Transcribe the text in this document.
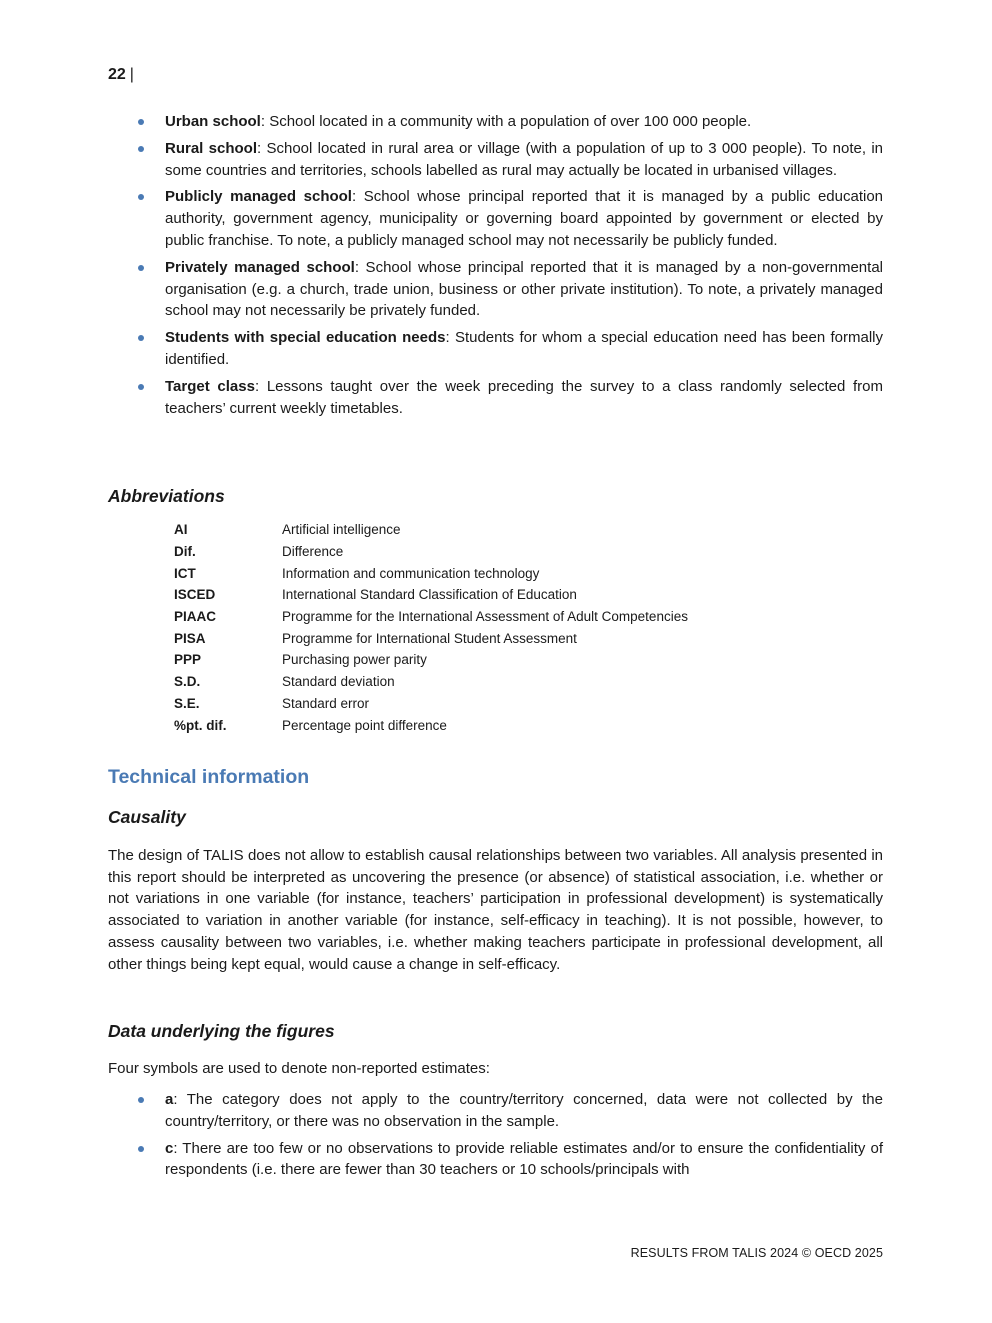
22 |
Urban school: School located in a community with a population of over 100 000 people.
Rural school: School located in rural area or village (with a population of up to 3 000 people). To note, in some countries and territories, schools labelled as rural may actually be located in urbanised villages.
Publicly managed school: School whose principal reported that it is managed by a public education authority, government agency, municipality or governing board appointed by government or elected by public franchise. To note, a publicly managed school may not necessarily be publicly funded.
Privately managed school: School whose principal reported that it is managed by a non-governmental organisation (e.g. a church, trade union, business or other private institution). To note, a privately managed school may not necessarily be privately funded.
Students with special education needs: Students for whom a special education need has been formally identified.
Target class: Lessons taught over the week preceding the survey to a class randomly selected from teachers’ current weekly timetables.
Abbreviations
AI	Artificial intelligence
Dif.	Difference
ICT	Information and communication technology
ISCED	International Standard Classification of Education
PIAAC	Programme for the International Assessment of Adult Competencies
PISA	Programme for International Student Assessment
PPP	Purchasing power parity
S.D.	Standard deviation
S.E.	Standard error
%pt. dif.	Percentage point difference
Technical information
Causality

The design of TALIS does not allow to establish causal relationships between two variables. All analysis presented in this report should be interpreted as uncovering the presence (or absence) of statistical association, i.e. whether or not variations in one variable (for instance, teachers’ participation in professional development) is systematically associated to variation in another variable (for instance, self-efficacy in teaching). It is not possible, however, to assess causality between two variables, i.e. whether making teachers participate in professional development, all other things being kept equal, would cause a change in self-efficacy.

Data underlying the figures

Four symbols are used to denote non-reported estimates:

a: The category does not apply to the country/territory concerned, data were not collected by the country/territory, or there was no observation in the sample.
c: There are too few or no observations to provide reliable estimates and/or to ensure the confidentiality of respondents (i.e. there are fewer than 30 teachers or 10 schools/principals with
RESULTS FROM TALIS 2024 © OECD 2025
